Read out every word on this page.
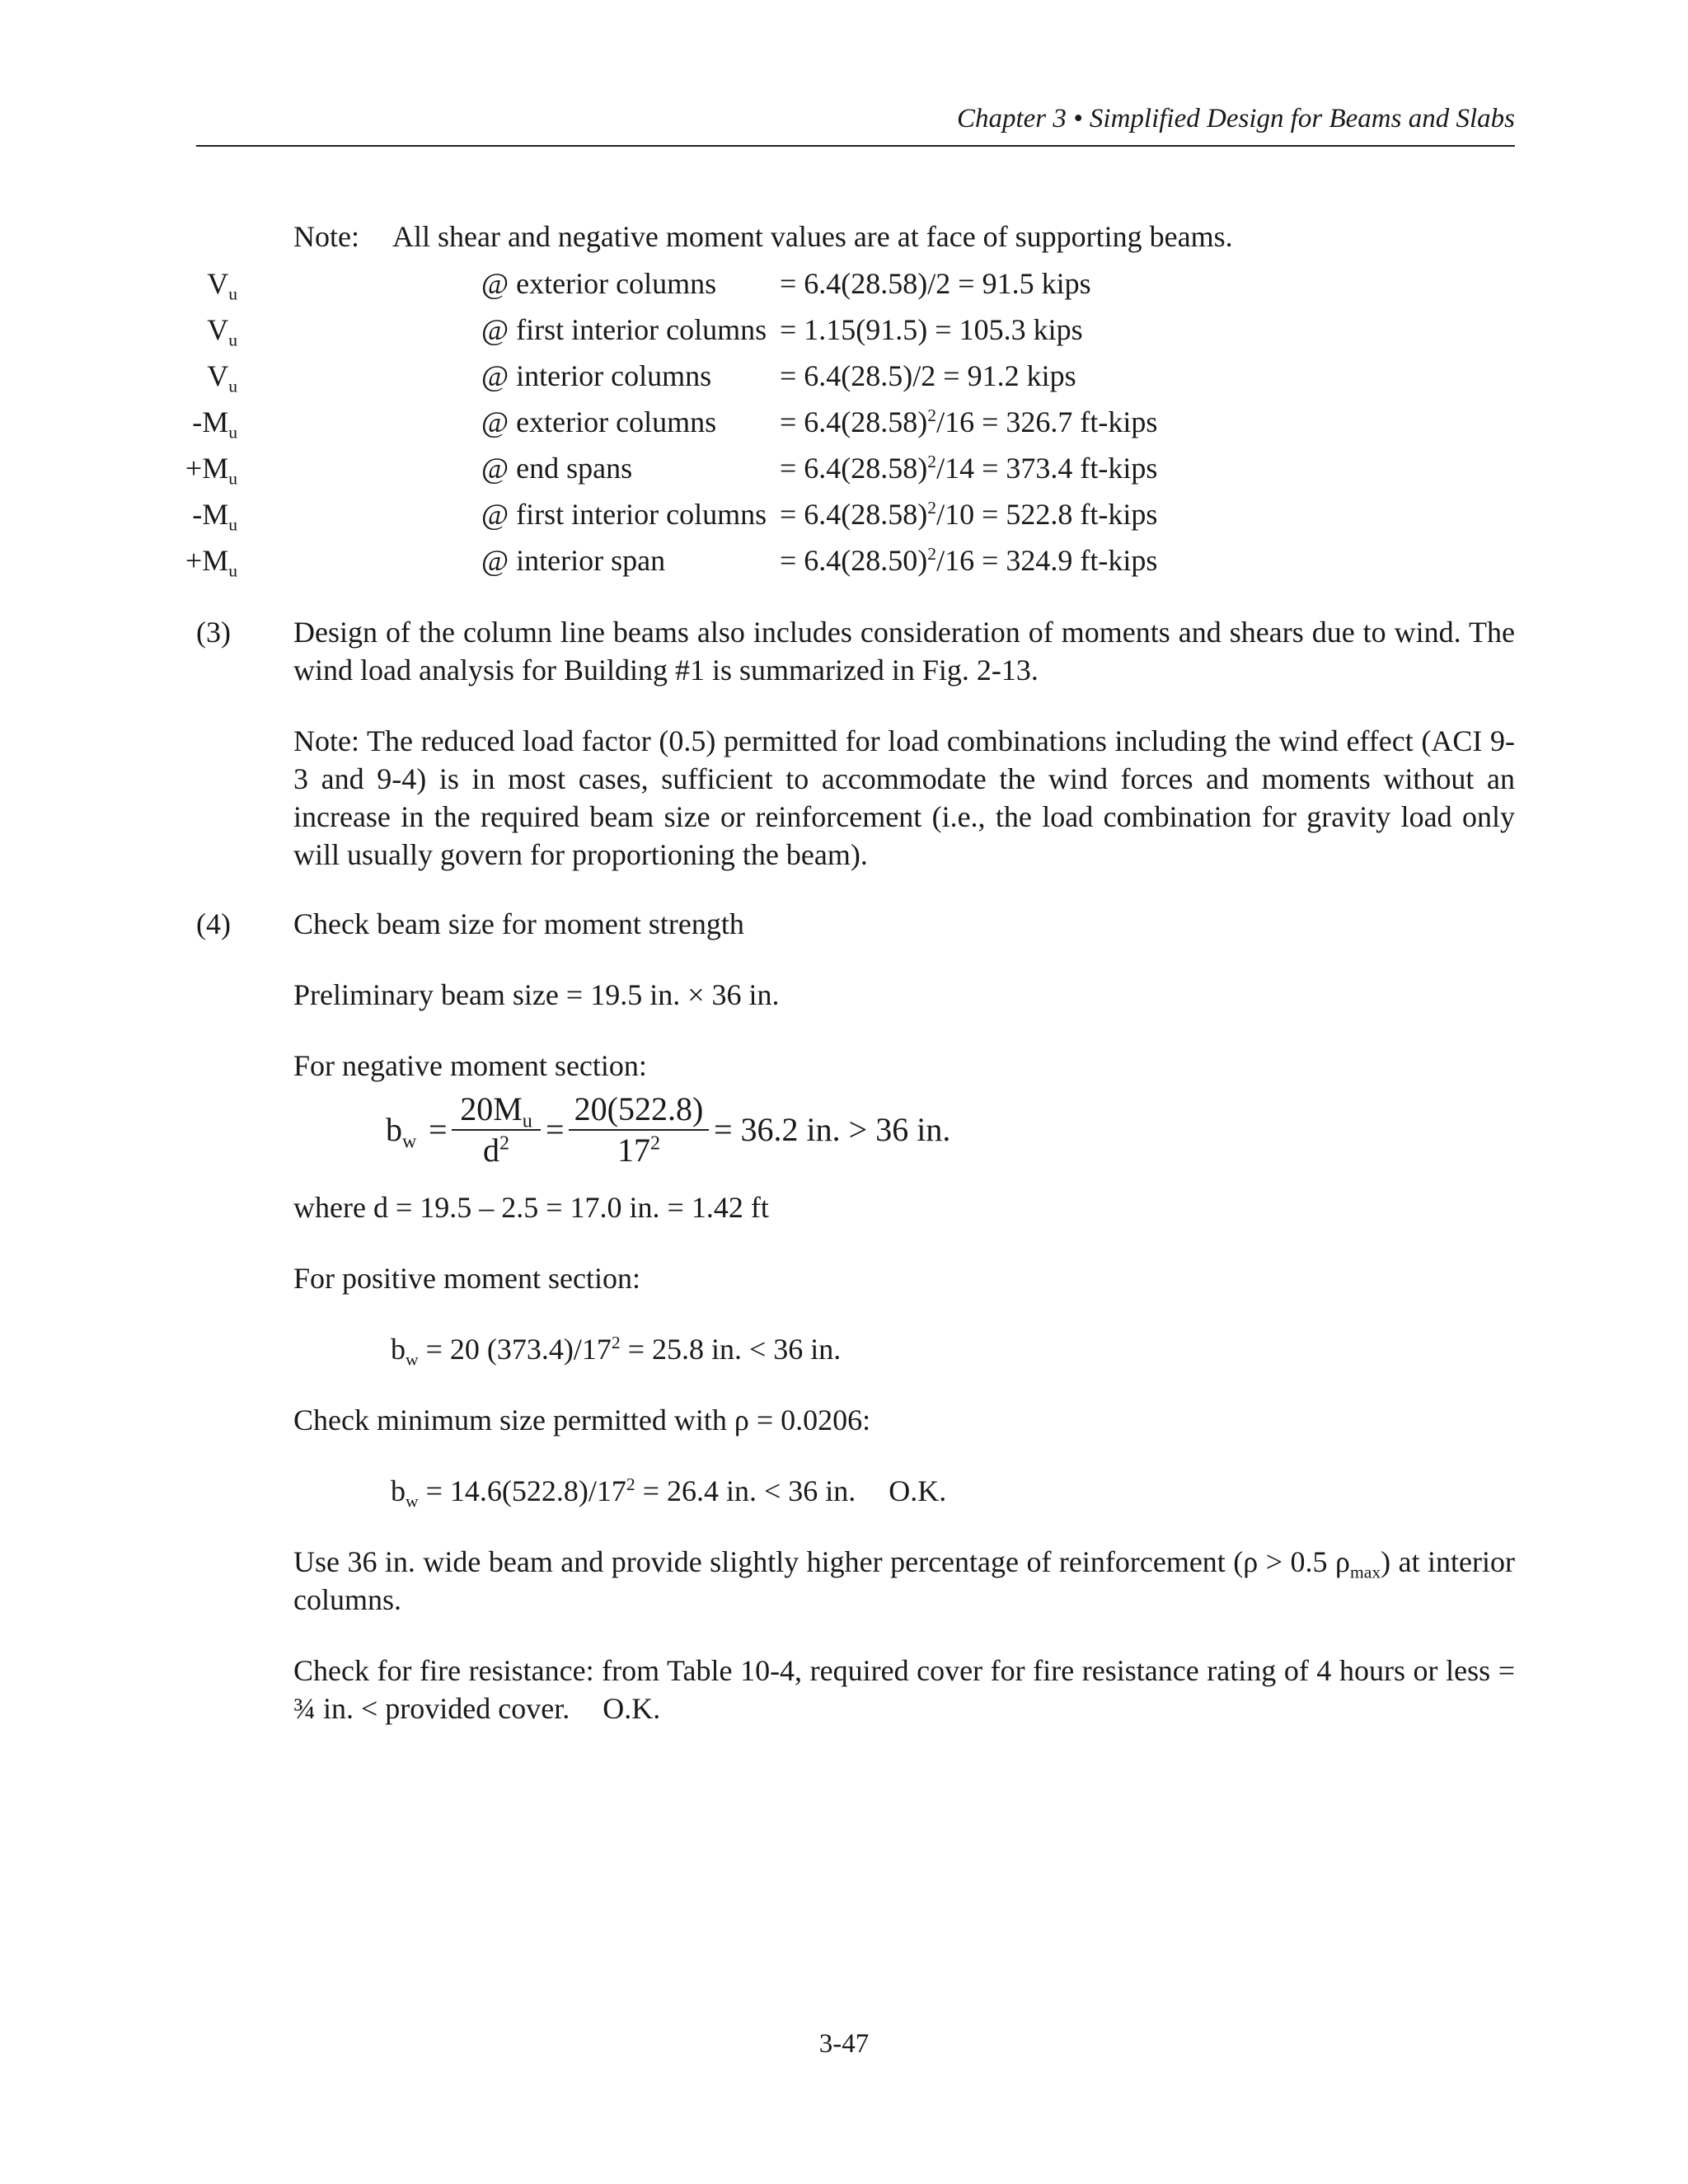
Chapter 3 • Simplified Design for Beams and Slabs
Note: All shear and negative moment values are at face of supporting beams.
$V_u$	@ exterior columns = 6.4(28.58)/2 = 91.5 kips
$V_u$	@ first interior columns = 1.15(91.5) = 105.3 kips
$V_u$	@ interior columns = 6.4(28.5)/2 = 91.2 kips
$-M_u$	@ exterior columns = $6.4(28.58)^2/16 = 326.7$ ft-kips
$+M_u$	@ end spans	= $6.4(28.58)^2/14 = 373.4$ ft-kips
$-M_u$	@ first interior columns = $6.4(28.58)^2/10 = 522.8$ ft-kips
$+M_u$	@ interior span	= $6.4(28.50)^2/16 = 324.9$ ft-kips
(3) Design of the column line beams also includes consideration of moments and shears due to wind. The wind load analysis for Building #1 is summarized in Fig. 2-13.
Note: The reduced load factor (0.5) permitted for load combinations including the wind effect (ACI 9-3 and 9-4) is in most cases, sufficient to accommodate the wind forces and moments without an increase in the required beam size or reinforcement (i.e., the load combination for gravity load only will usually govern for proportioning the beam).
(4) Check beam size for moment strength
Preliminary beam size = 19.5 in. × 36 in.
For negative moment section:
$b_w = \frac{20M_u}{d^2} = \frac{20(522.8)}{17^2} = 36.2$ in. > 36 in.
where d = 19.5 – 2.5 = 17.0 in. = 1.42 ft
For positive moment section:
$b_w = 20$ $(373.4)/17^2 = 25.8$ in. < 36 in.
Check minimum size permitted with ρ = 0.0206:
$b_w = 14.6(522.8)/17^2 = 26.4$ in. < 36 in. O.K.
Use 36 in. wide beam and provide slightly higher percentage of reinforcement (ρ > 0.5 $\rho_{max}$) at interior columns.
Check for fire resistance: from Table 10-4, required cover for fire resistance rating of 4 hours or less = ¾ in. < provided cover. O.K.
3-47
